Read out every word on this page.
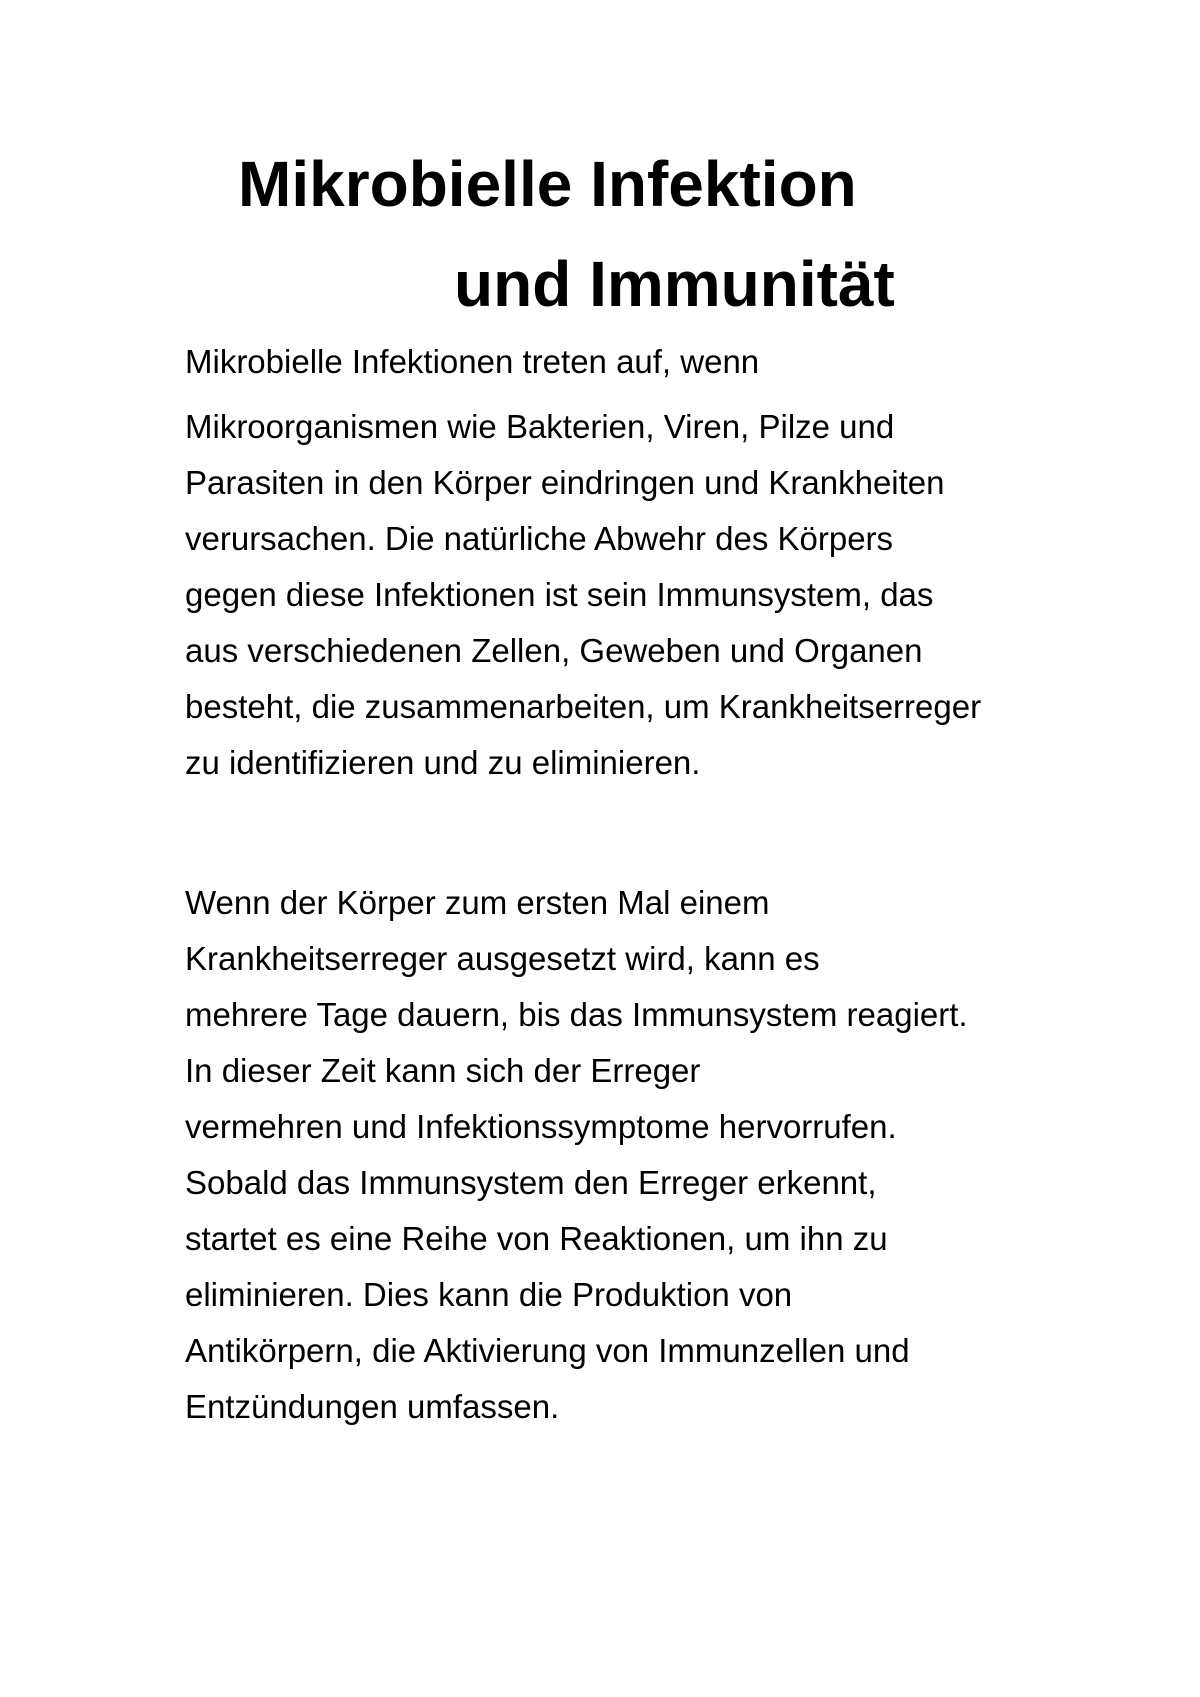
Mikrobielle Infektion
und Immunität

Mikrobielle Infektionen treten auf, wenn

Mikroorganismen wie Bakterien, Viren, Pilze und

Parasiten in den Körper eindringen und Krankheiten

verursachen. Die natürliche Abwehr des Körpers

gegen diese Infektionen ist sein Immunsystem, das

aus verschiedenen Zellen, Geweben und Organen

besteht, die zusammenarbeiten, um Krankheitserreger

zu identifizieren und zu eliminieren.

Wenn der Körper zum ersten Mal einem

Krankheitserreger ausgesetzt wird, kann es

mehrere Tage dauern, bis das Immunsystem reagiert.

In dieser Zeit kann sich der Erreger

vermehren und Infektionssymptome hervorrufen.

Sobald das Immunsystem den Erreger erkennt,

startet es eine Reihe von Reaktionen, um ihn zu

eliminieren. Dies kann die Produktion von

Antikörpern, die Aktivierung von Immunzellen und

Entzündungen umfassen.
